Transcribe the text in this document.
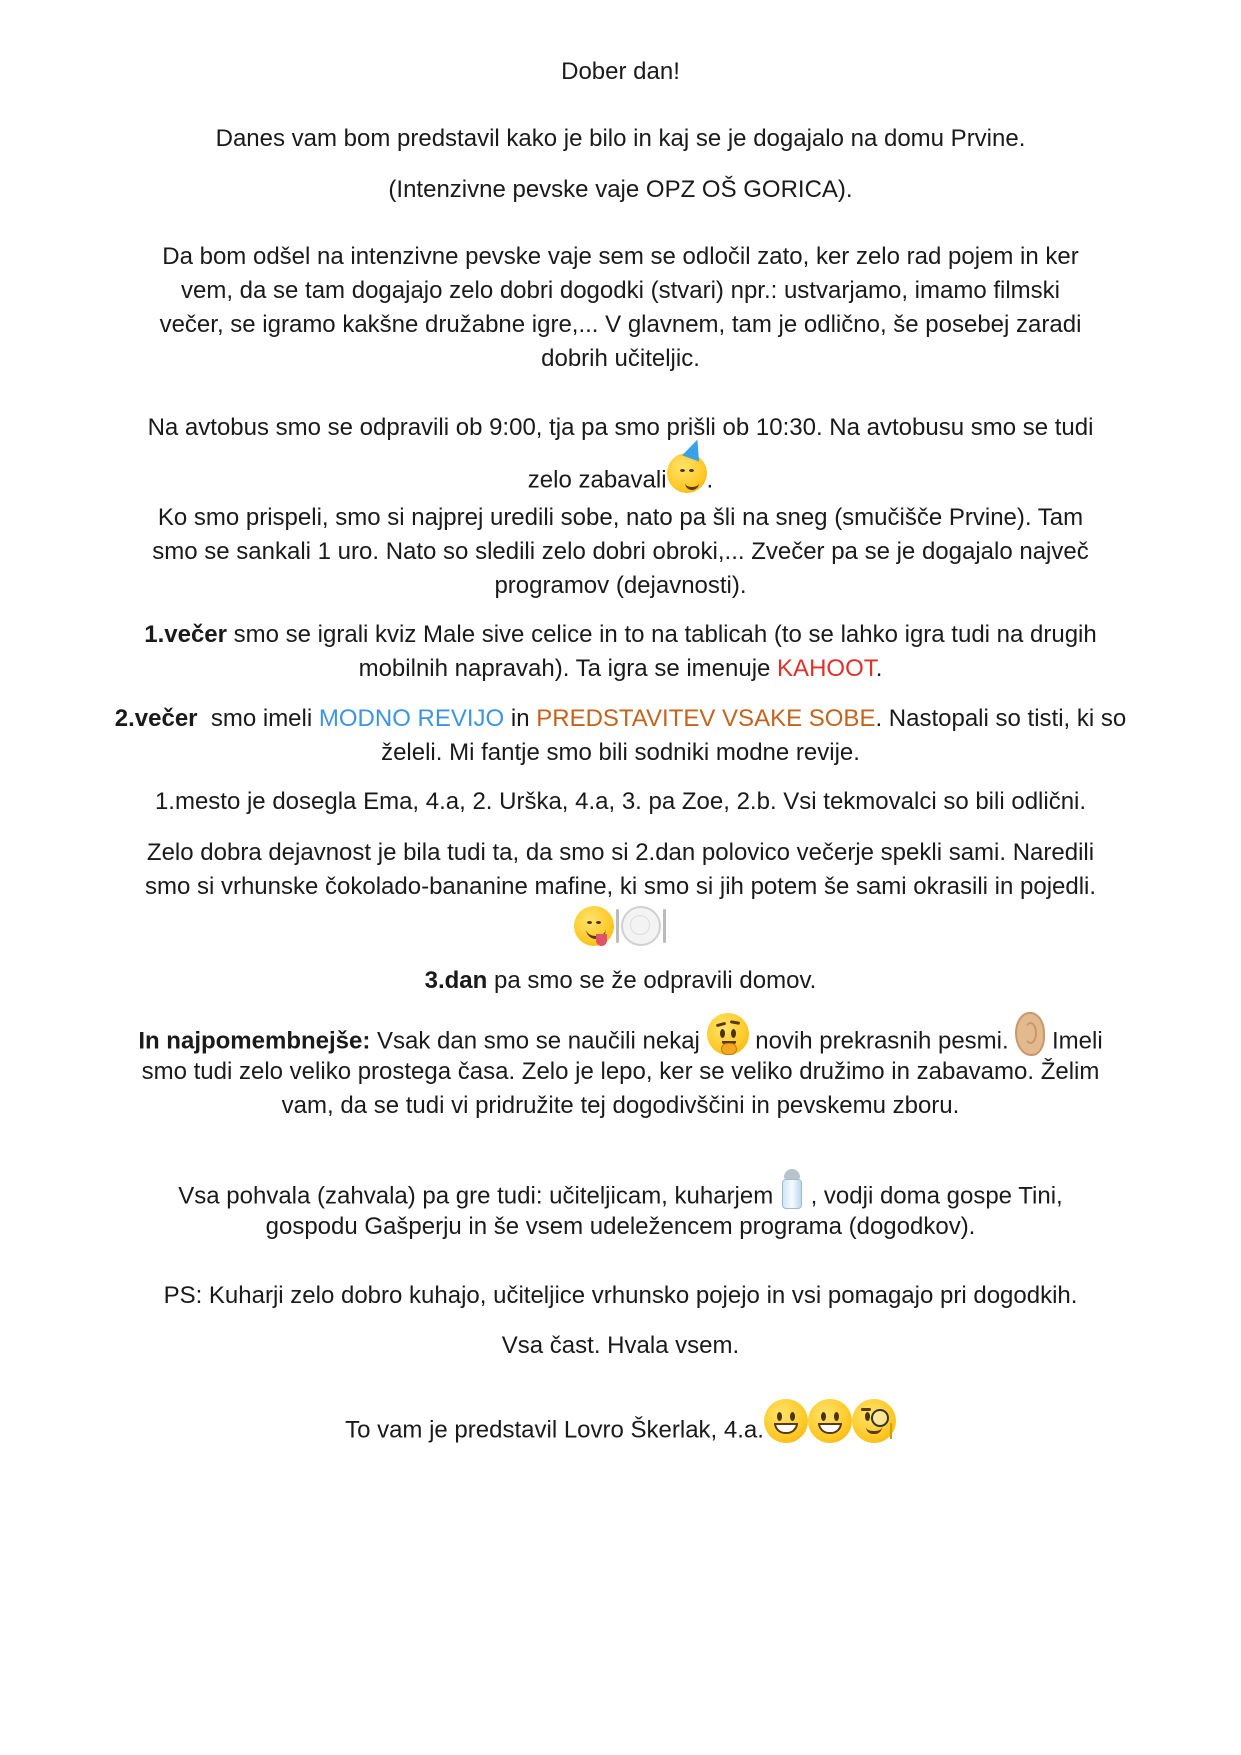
Dober dan!
Danes vam bom predstavil kako je bilo in kaj se je dogajalo na domu Prvine.
(Intenzivne pevske vaje OPZ OŠ GORICA).
Da bom odšel na intenzivne pevske vaje sem se odločil zato, ker zelo rad pojem in ker
vem, da se tam dogajajo zelo dobri dogodki (stvari) npr.: ustvarjamo, imamo filmski
večer, se igramo kakšne družabne igre,... V glavnem, tam je odlično, še posebej zaradi
dobrih učiteljic.
Na avtobus smo se odpravili ob 9:00, tja pa smo prišli ob 10:30. Na avtobusu smo se tudi
zelo zabavali .
Ko smo prispeli, smo si najprej uredili sobe, nato pa šli na sneg (smučišče Prvine). Tam
smo se sankali 1 uro. Nato so sledili zelo dobri obroki,... Zvečer pa se je dogajalo največ
programov (dejavnosti).
1.večer smo se igrali kviz Male sive celice in to na tablicah (to se lahko igra tudi na drugih
mobilnih napravah). Ta igra se imenuje KAHOOT.
2.večer  smo imeli MODNO REVIJO in PREDSTAVITEV VSAKE SOBE. Nastopali so tisti, ki so
želeli. Mi fantje smo bili sodniki modne revije.
1.mesto je dosegla Ema, 4.a, 2. Urška, 4.a, 3. pa Zoe, 2.b. Vsi tekmovalci so bili odlični.
Zelo dobra dejavnost je bila tudi ta, da smo si 2.dan polovico večerje spekli sami. Naredili
smo si vrhunske čokolado-bananine mafine, ki smo si jih potem še sami okrasili in pojedli.
3.dan pa smo se že odpravili domov.
In najpomembnejše: Vsak dan smo se naučili nekaj
novih prekrasnih pesmi.  Imeli
smo tudi zelo veliko prostega časa. Zelo je lepo, ker se veliko družimo in zabavamo. Želim
vam, da se tudi vi pridružite tej dogodivščini in pevskemu zboru.
Vsa pohvala (zahvala) pa gre tudi: učiteljicam, kuharjem
, vodji doma gospe Tini,
gospodu Gašperju in še vsem udeležencem programa (dogodkov).
PS: Kuharji zelo dobro kuhajo, učiteljice vrhunsko pojejo in vsi pomagajo pri dogodkih.
Vsa čast. Hvala vsem.
To vam je predstavil Lovro Škerlak, 4.a.
